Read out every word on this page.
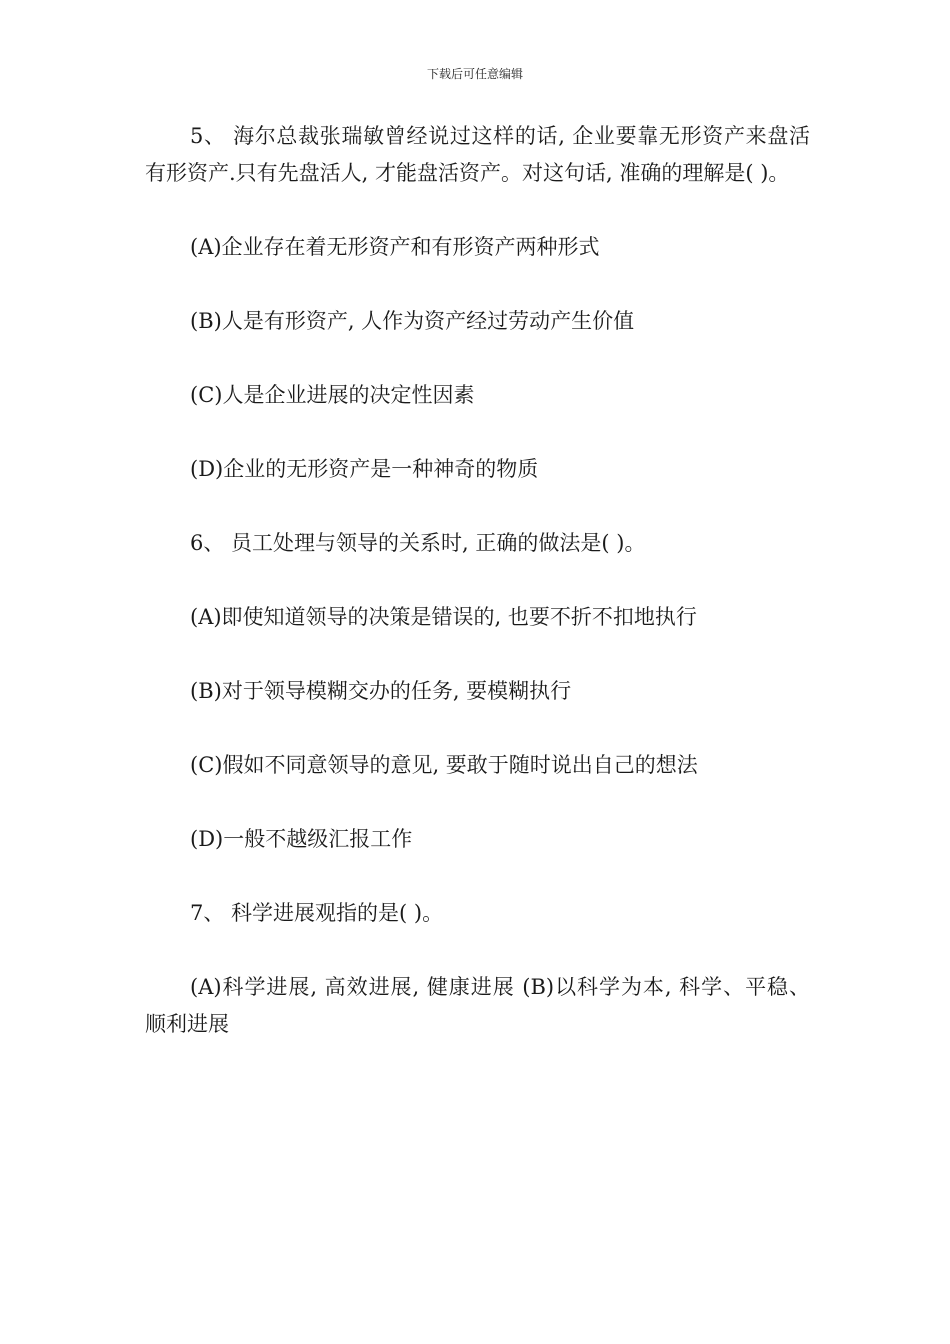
下载后可任意编辑

5、 海尔总裁张瑞敏曾经说过这样的话, 企业要靠无形资产来盘活有形资产.只有先盘活人, 才能盘活资产。对这句话, 准确的理解是( )。

(A)企业存在着无形资产和有形资产两种形式

(B)人是有形资产, 人作为资产经过劳动产生价值

(C)人是企业进展的决定性因素

(D)企业的无形资产是一种神奇的物质

6、 员工处理与领导的关系时, 正确的做法是( )。

(A)即使知道领导的决策是错误的, 也要不折不扣地执行

(B)对于领导模糊交办的任务, 要模糊执行

(C)假如不同意领导的意见, 要敢于随时说出自己的想法

(D)一般不越级汇报工作

7、 科学进展观指的是( )。

(A)科学进展, 高效进展, 健康进展 (B)以科学为本, 科学、平稳、 顺利进展
